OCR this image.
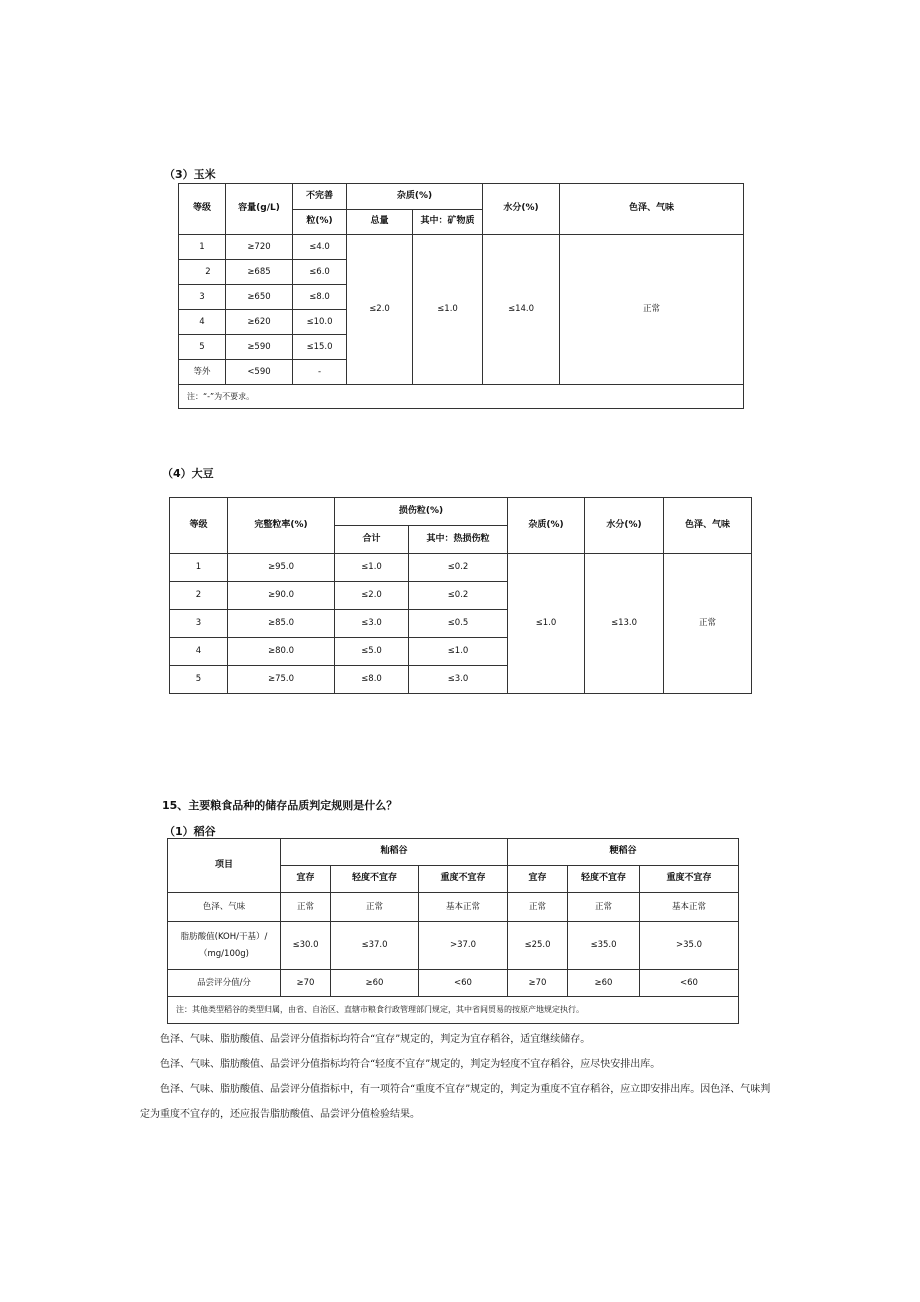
（3）玉米
等级	容量(g/L)	不完善	杂质(%)		水分(%)	色泽、气味
		粒(%)	总量	其中：矿物质		
1	≥720	≤4.0	≤2.0	≤1.0	≤14.0	正常
2	≥685	≤6.0				
3	≥650	≤8.0				
4	≥620	≤10.0				
5	≥590	≤15.0				
等外	<590	-				
注：“-”为不要求。						
（4）大豆
等级	完整粒率(%)	损伤粒(%)		杂质(%)	水分(%)	色泽、气味
		合计	其中：热损伤粒			
1	≥95.0	≤1.0	≤0.2	≤1.0	≤13.0	正常
2	≥90.0	≤2.0	≤0.2			
3	≥85.0	≤3.0	≤0.5			
4	≥80.0	≤5.0	≤1.0			
5	≥75.0	≤8.0	≤3.0			
15、主要粮食品种的储存品质判定规则是什么？
（1）稻谷
项目	籼稻谷			粳稻谷		
	宜存	轻度不宜存	重度不宜存	宜存	轻度不宜存	重度不宜存
色泽、气味	正常	正常	基本正常	正常	正常	基本正常

脂肪酸值(KOH/干基）/
（mg/100g)	≤30.0	≤37.0	>37.0	≤25.0	≤35.0	>35.0
品尝评分值/分	≥70	≥60	<60	≥70	≥60	<60
注：其他类型稻谷的类型归属，由省、自治区、直辖市粮食行政管理部门规定，其中省间贸易的按原产地规定执行。						

色泽、气味、脂肪酸值、品尝评分值指标均符合“宜存”规定的，判定为宜存稻谷，适宜继续储存。

色泽、气味、脂肪酸值、品尝评分值指标均符合“轻度不宜存”规定的，判定为轻度不宜存稻谷，应尽快安排出库。

色泽、气味、脂肪酸值、品尝评分值指标中，有一项符合“重度不宜存”规定的，判定为重度不宜存稻谷，应立即安排出库。因色泽、气味判定为重度不宜存的，还应报告脂肪酸值、品尝评分值检验结果。
